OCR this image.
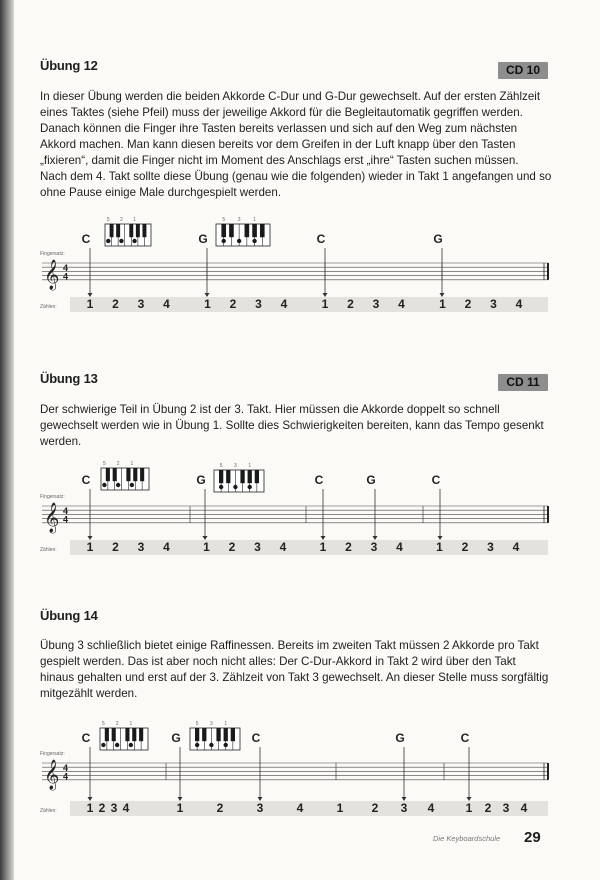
Übung 12	CD 10

In dieser Übung werden die beiden Akkorde C-Dur und G-Dur gewechselt. Auf der ersten Zählzeit eines Taktes (siehe Pfeil) muss der jeweilige Akkord für die Begleitautomatik gegriffen werden. Danach können die Finger ihre Tasten bereits verlassen und sich auf den Weg zum nächsten Akkord machen. Man kann diesen bereits vor dem Greifen in der Luft knapp über den Tasten „fixieren“, damit die Finger nicht im Moment des Anschlags erst „ihre“ Tasten suchen müssen.

Nach dem 4. Takt sollte diese Übung (genau wie die folgenden) wieder in Takt 1 angefangen und so ohne Pause einige Male durchgespielt werden.

Fingersatz:
Zählen:
𝄞 4
4
C	G	C	G
1 2 3 4	1 2 3 4	1 2 3 4	1 2 3 4
5 2 1	5	3	1
Übung 13	CD 11

Der schwierige Teil in Übung 2 ist der 3. Takt. Hier müssen die Akkorde doppelt so schnell gewechselt werden wie in Übung 1. Sollte dies Schwierigkeiten bereiten, kann das Tempo gesenkt werden.

Fingersatz:
Zählen:
𝄞 4
4
C	G	C	G	C
1 2 3 4	1 2 3 4	1 2 3 4	1 2 3 4
5 2 1	5 3 1
Übung 14

Übung 3 schließlich bietet einige Raffinessen. Bereits im zweiten Takt müssen 2 Akkorde pro Takt gespielt werden. Das ist aber noch nicht alles: Der C-Dur-Akkord in Takt 2 wird über den Takt hinaus gehalten und erst auf der 3. Zählzeit von Takt 3 gewechselt. An dieser Stelle muss sorgfältig mitgezählt werden.

Fingersatz:
Zählen:
𝄞 4
4
C	G	C	G	C
1 2 3 4	1	2	3	4	1 2 3 4	1 2 3 4
5 2 1	5 3 1
Die Keyboardschule 29
